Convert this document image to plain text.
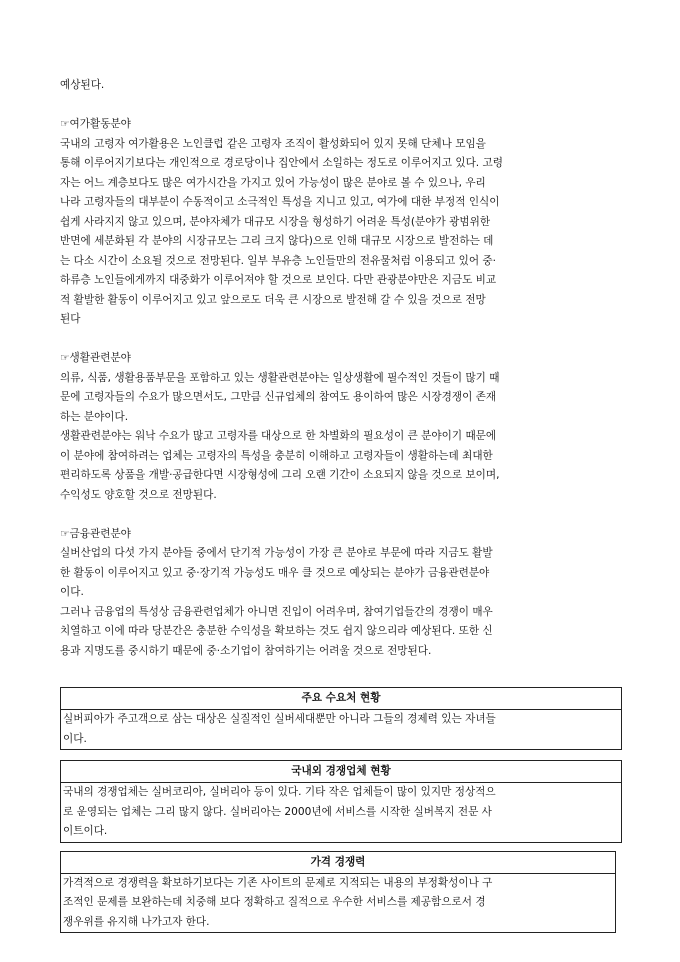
예상된다.

☞여가활동분야

국내의 고령자 여가활용은 노인클럽 같은 고령자 조직이 활성화되어 있지 못해 단체나 모임을
통해 이루어지기보다는 개인적으로 경로당이나 집안에서 소일하는 정도로 이루어지고 있다. 고령
자는 어느 계층보다도 많은 여가시간을 가지고 있어 가능성이 많은 분야로 볼 수 있으나, 우리
나라 고령자들의 대부분이 수동적이고 소극적인 특성을 지니고 있고, 여가에 대한 부정적 인식이
쉽게 사라지지 않고 있으며, 분야자체가 대규모 시장을 형성하기 어려운 특성(분야가 광범위한
반면에 세분화된 각 분야의 시장규모는 그리 크지 않다)으로 인해 대규모 시장으로 발전하는 데
는 다소 시간이 소요될 것으로 전망된다. 일부 부유층 노인들만의 전유물처럼 이용되고 있어 중·
하류층 노인들에게까지 대중화가 이루어져야 할 것으로 보인다. 다만 관광분야만은 지금도 비교
적 활발한 활동이 이루어지고 있고 앞으로도 더욱 큰 시장으로 발전해 갈 수 있을 것으로 전망
된다

☞생활관련분야

의류, 식품, 생활용품부문을 포함하고 있는 생활관련분야는 일상생활에 필수적인 것들이 많기 때
문에 고령자들의 수요가 많으면서도, 그만큼 신규업체의 참여도 용이하여 많은 시장경쟁이 존재
하는 분야이다.

생활관련분야는 워낙 수요가 많고 고령자를 대상으로 한 차별화의 필요성이 큰 분야이기 때문에
이 분야에 참여하려는 업체는 고령자의 특성을 충분히 이해하고 고령자들이 생활하는데 최대한
편리하도록 상품을 개발·공급한다면 시장형성에 그리 오랜 기간이 소요되지 않을 것으로 보이며,
수익성도 양호할 것으로 전망된다.

☞금융관련분야

실버산업의 다섯 가지 분야들 중에서 단기적 가능성이 가장 큰 분야로 부문에 따라 지금도 활발
한 활동이 이루어지고 있고 중·장기적 가능성도 매우 클 것으로 예상되는 분야가 금융관련분야
이다.

그러나 금융업의 특성상 금융관련업체가 아니면 진입이 어려우며, 참여기업들간의 경쟁이 매우
치열하고 이에 따라 당분간은 충분한 수익성을 확보하는 것도 쉽지 않으리라 예상된다. 또한 신
용과 지명도를 중시하기 때문에 중·소기업이 참여하기는 어려울 것으로 전망된다.

주요 수요처 현황

실버피아가 주고객으로 삼는 대상은 실질적인 실버세대뿐만 아니라 그들의 경제력 있는 자녀들
이다.

국내외 경쟁업체 현황

국내의 경쟁업체는 실버코리아, 실버리아 등이 있다. 기타 작은 업체들이 많이 있지만 정상적으
로 운영되는 업체는 그리 많지 않다. 실버리아는 2000년에 서비스를 시작한 실버복지 전문 사
이트이다.

가격 경쟁력

가격적으로 경쟁력을 확보하기보다는 기존 사이트의 문제로 지적되는 내용의 부정확성이나 구
조적인 문제를 보완하는데 치중해 보다 정확하고 질적으로 우수한 서비스를 제공함으로서 경
쟁우위를 유지해 나가고자 한다.
